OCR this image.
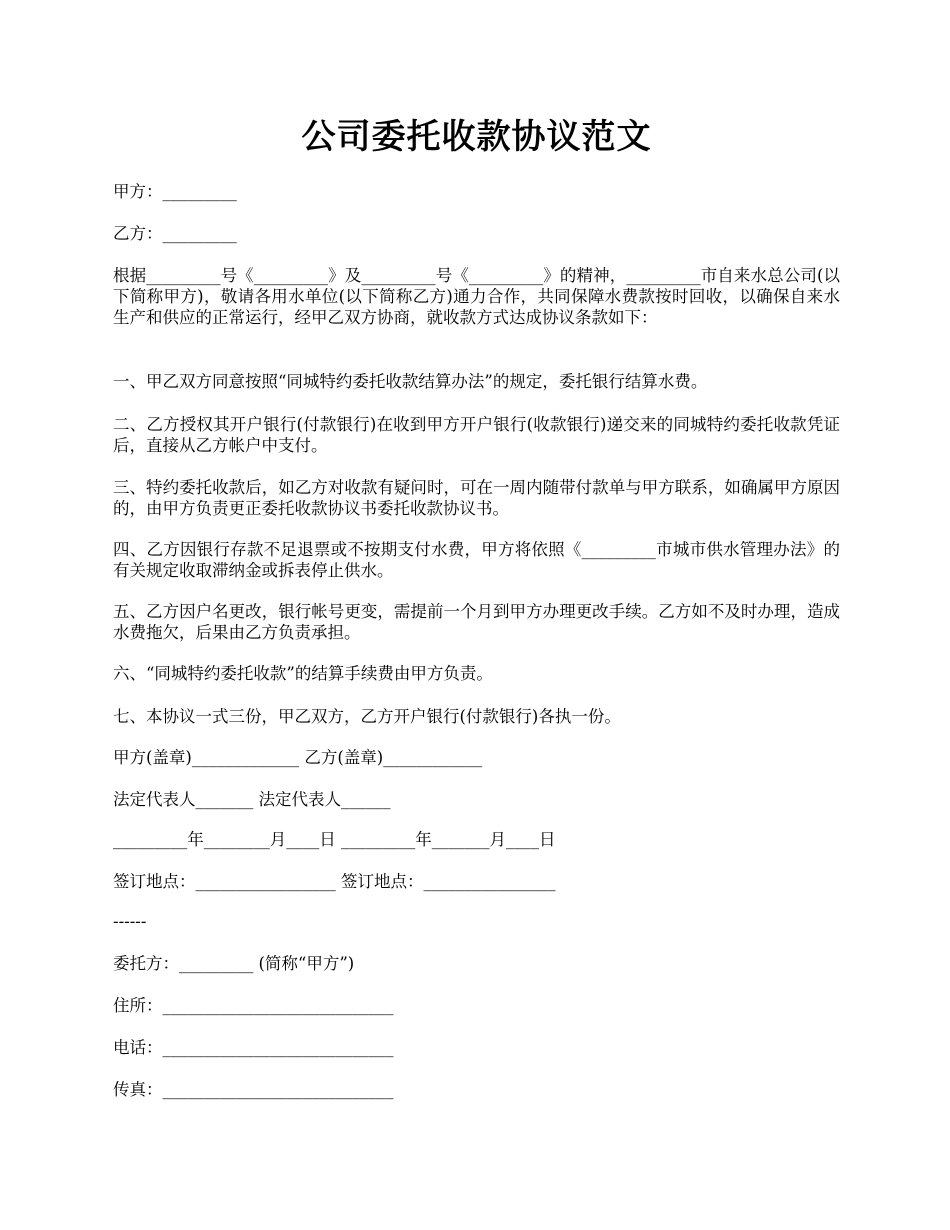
公司委托收款协议范文

甲方：_________

乙方：_________

根据_________号《_________》及_________号《_________》的精神，_________市自来水总公司(以下简称甲方)，敬请各用水单位(以下简称乙方)通力合作，共同保障水费款按时回收，以确保自来水生产和供应的正常运行，经甲乙双方协商，就收款方式达成协议条款如下：

一、甲乙双方同意按照“同城特约委托收款结算办法”的规定，委托银行结算水费。

二、乙方授权其开户银行(付款银行)在收到甲方开户银行(收款银行)递交来的同城特约委托收款凭证后，直接从乙方帐户中支付。

三、特约委托收款后，如乙方对收款有疑问时，可在一周内随带付款单与甲方联系，如确属甲方原因的，由甲方负责更正委托收款协议书委托收款协议书。

四、乙方因银行存款不足退票或不按期支付水费，甲方将依照《_________市城市供水管理办法》的有关规定收取滞纳金或拆表停止供水。

五、乙方因户名更改，银行帐号更变，需提前一个月到甲方办理更改手续。乙方如不及时办理，造成水费拖欠，后果由乙方负责承担。

六、“同城特约委托收款”的结算手续费由甲方负责。

七、本协议一式三份，甲乙双方，乙方开户银行(付款银行)各执一份。

甲方(盖章)_____________ 乙方(盖章)____________

法定代表人_______ 法定代表人______

_________年________月____日 _________年_______月____日

签订地点：_________________ 签订地点：________________

------

委托方：_________ (简称“甲方”)

住所：____________________________

电话：____________________________

传真：____________________________
